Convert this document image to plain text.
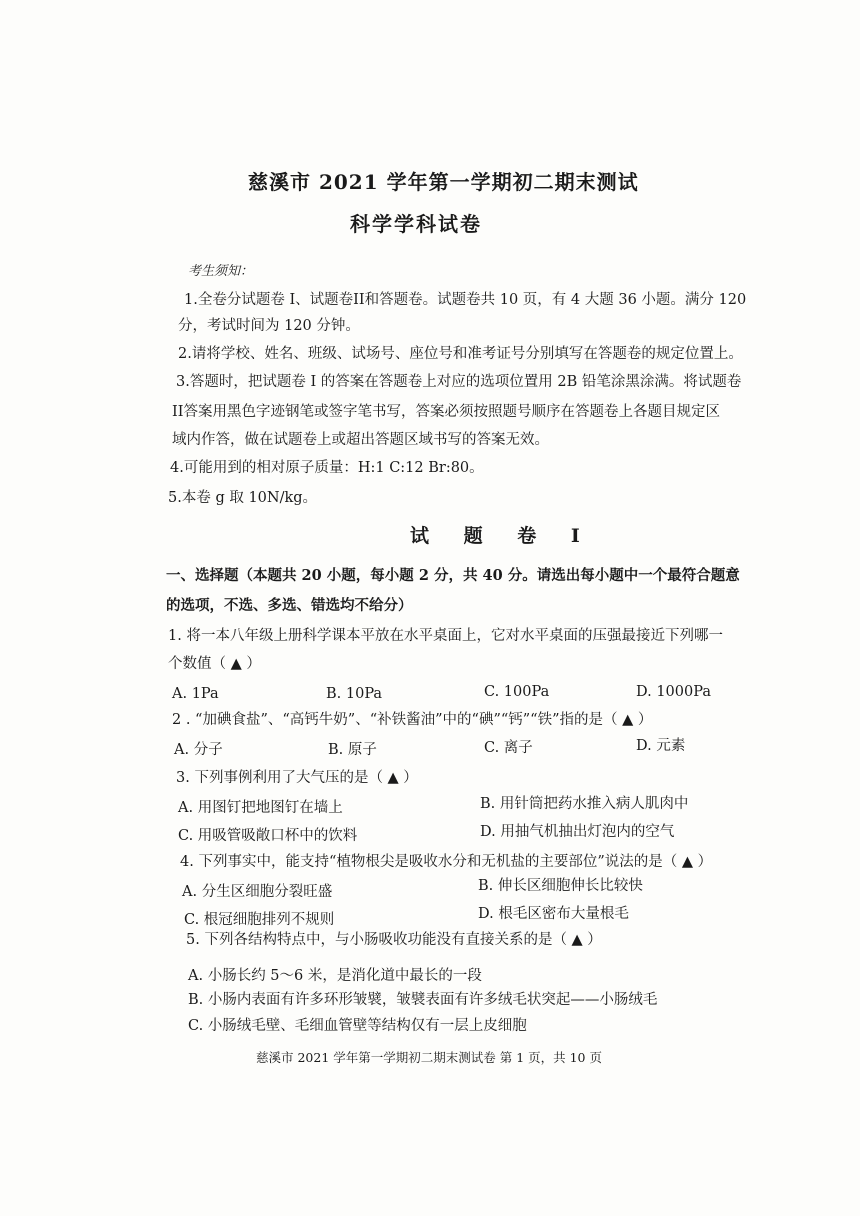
慈溪市 2021 学年第一学期初二期末测试
科学学科试卷
考生须知：
1.全卷分试题卷 I、试题卷II和答题卷。试题卷共 10 页，有 4 大题 36 小题。满分 120
分，考试时间为 120 分钟。
2.请将学校、姓名、班级、试场号、座位号和准考证号分别填写在答题卷的规定位置上。
3.答题时，把试题卷 I 的答案在答题卷上对应的选项位置用 2B 铅笔涂黑涂满。将试题卷
II答案用黑色字迹钢笔或签字笔书写，答案必须按照题号顺序在答题卷上各题目规定区
域内作答，做在试题卷上或超出答题区域书写的答案无效。
4.可能用到的相对原子质量：H:1 C:12 Br:80。
5.本卷 g 取 10N/kg。
试 题 卷 I
一、选择题（本题共 20 小题，每小题 2 分，共 40 分。请选出每小题中一个最符合题意
的选项，不选、多选、错选均不给分）
1. 将一本八年级上册科学课本平放在水平桌面上，它对水平桌面的压强最接近下列哪一
个数值（ ▲ ）
A. 1Pa	B. 10Pa	C. 100Pa	D. 1000Pa
2 . “加碘食盐”、“高钙牛奶”、“补铁酱油”中的“碘”“钙”“铁”指的是（ ▲ ）
A. 分子	B. 原子	C. 离子	D. 元素
3. 下列事例利用了大气压的是（ ▲ ）
A. 用图钉把地图钉在墙上	B. 用针筒把药水推入病人肌肉中
C. 用吸管吸敞口杯中的饮料	D. 用抽气机抽出灯泡内的空气
4. 下列事实中，能支持“植物根尖是吸收水分和无机盐的主要部位”说法的是（ ▲ ）
A. 分生区细胞分裂旺盛	B. 伸长区细胞伸长比较快
C. 根冠细胞排列不规则	D. 根毛区密布大量根毛
5. 下列各结构特点中，与小肠吸收功能没有直接关系的是（ ▲ ）
A. 小肠长约 5～6 米，是消化道中最长的一段
B. 小肠内表面有许多环形皱襞，皱襞表面有许多绒毛状突起——小肠绒毛
C. 小肠绒毛壁、毛细血管壁等结构仅有一层上皮细胞
慈溪市 2021 学年第一学期初二期末测试卷 第 1 页，共 10 页
